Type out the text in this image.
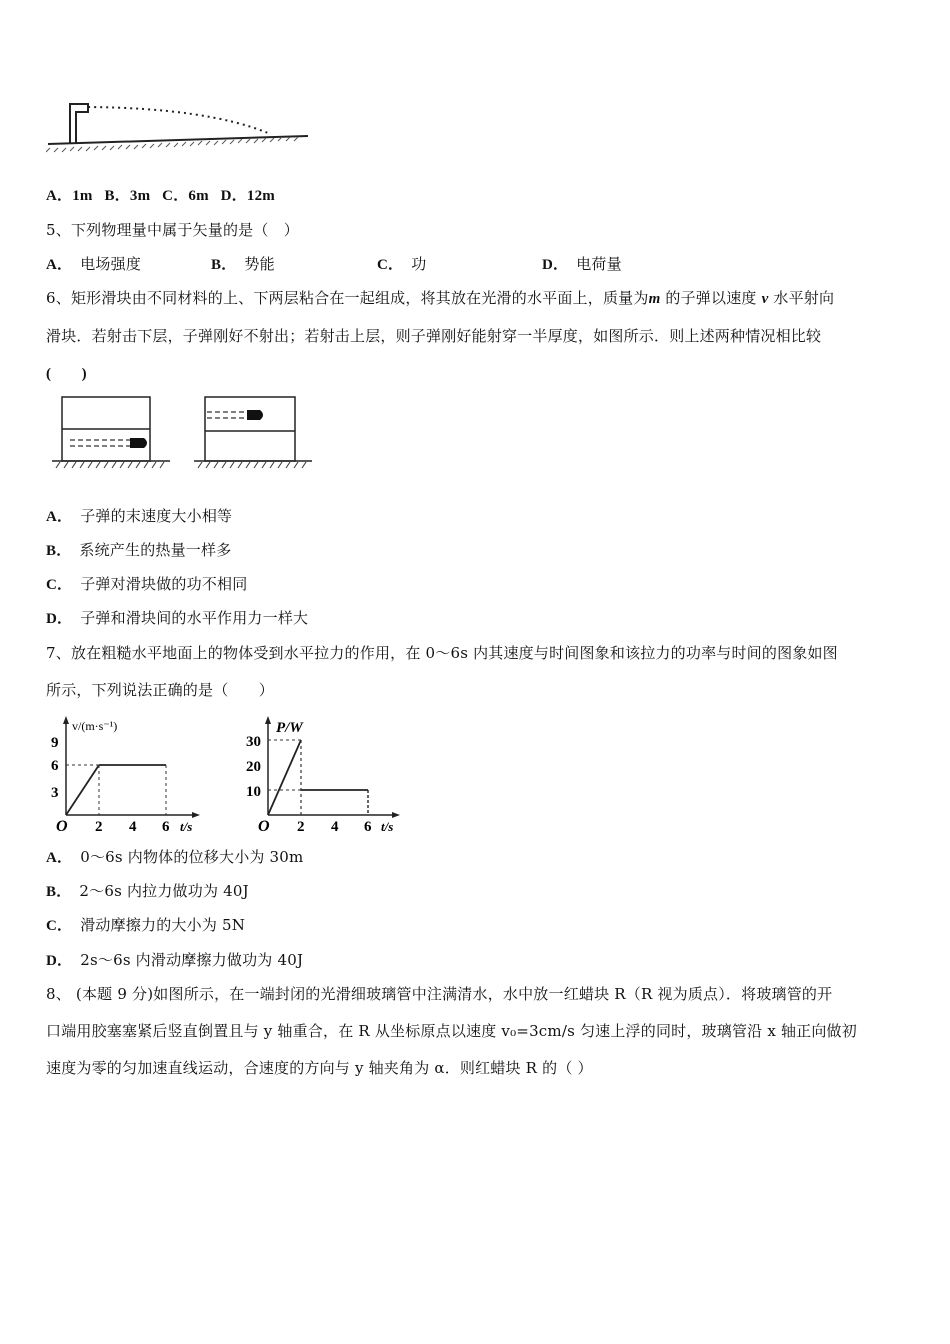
A．1m B．3m C．6m D．12m
5、下列物理量中属于矢量的是（　）
A． 电场强度	B． 势能	C． 功	D． 电荷量
6、矩形滑块由不同材料的上、下两层粘合在一起组成，将其放在光滑的水平面上，质量为m 的子弹以速度 v 水平射向
滑块．若射击下层，子弹刚好不射出；若射击上层，则子弹刚好能射穿一半厚度，如图所示．则上述两种情况相比较
(　　)
A． 子弹的末速度大小相等
B． 系统产生的热量一样多
C． 子弹对滑块做的功不相同
D． 子弹和滑块间的水平作用力一样大
7、放在粗糙水平地面上的物体受到水平拉力的作用，在 0～6s 内其速度与时间图象和该拉力的功率与时间的图象如图
所示，下列说法正确的是（　　）
v/(m·s⁻¹)
9
6
3
O 2 4 6 t/s
P/W
30
20
10
O 2 4 6 t/s
A． 0～6s 内物体的位移大小为 30m
B． 2～6s 内拉力做功为 40J
C． 滑动摩擦力的大小为 5N
D． 2s～6s 内滑动摩擦力做功为 40J
8、 (本题 9 分)如图所示，在一端封闭的光滑细玻璃管中注满清水，水中放一红蜡块 R（R 视为质点）．将玻璃管的开
口端用胶塞塞紧后竖直倒置且与 y 轴重合，在 R 从坐标原点以速度 v₀=3cm/s 匀速上浮的同时，玻璃管沿 x 轴正向做初
速度为零的匀加速直线运动，合速度的方向与 y 轴夹角为 α．则红蜡块 R 的（ ）
